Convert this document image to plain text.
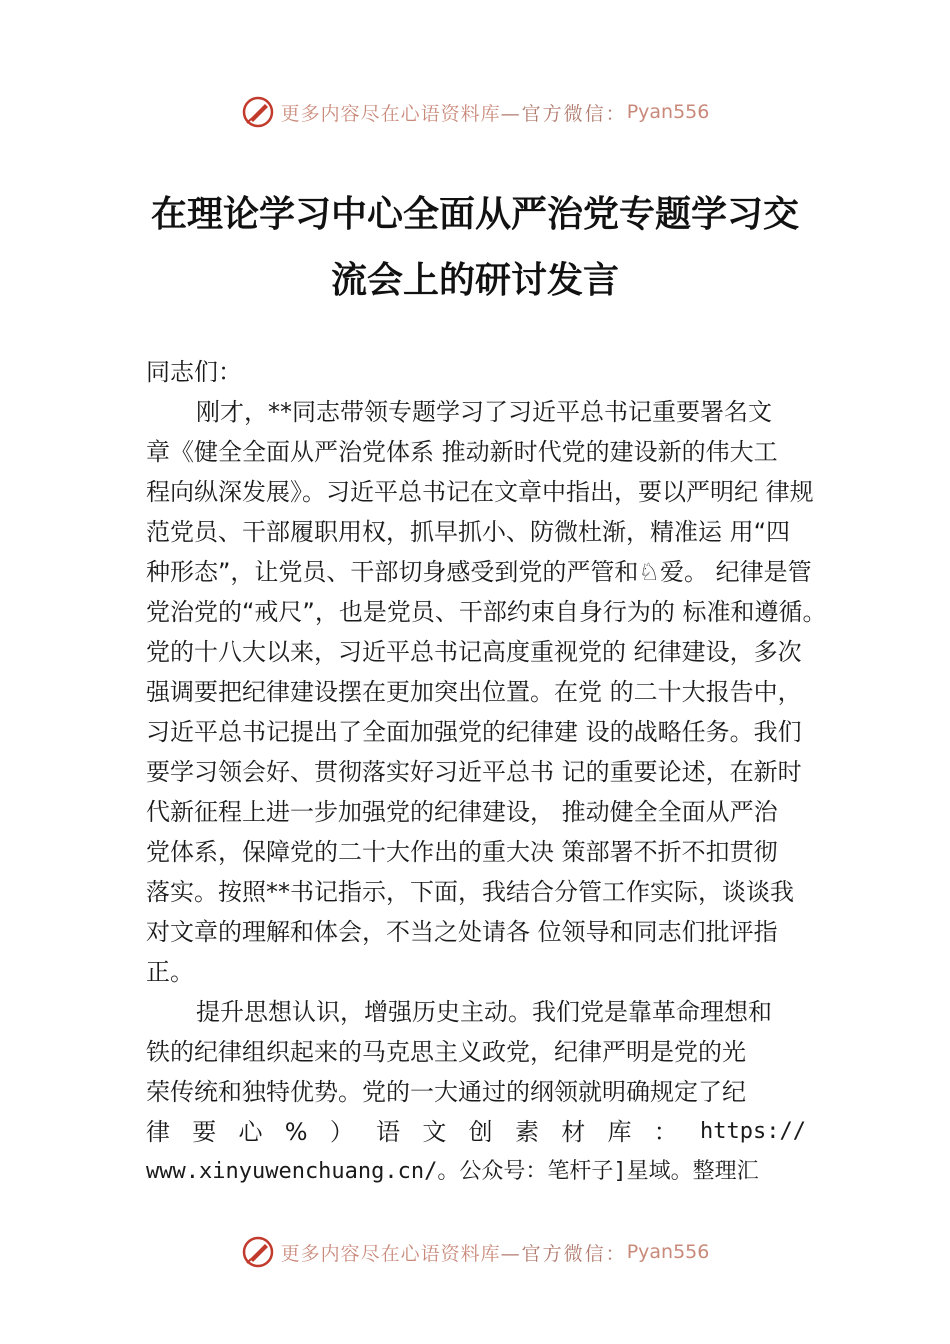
更多内容尽在心语资料库 —官方微信： Pyan556
在理论学习中心全面从严治党专题学习交
流会上的研讨发言
同志们：
刚才，**同志带领专题学习了习近平总书记重要署名文
章《健全全面从严治党体系 推动新时代党的建设新的伟大工
程向纵深发展》。习近平总书记在文章中指出，要以严明纪 律规
范党员、干部履职用权，抓早抓小、防微杜渐，精准运 用“四
种形态”，让党员、干部切身感受到党的严管和♘爱。 纪律是管
党治党的“戒尺”，也是党员、干部约束自身行为的 标准和遵循。
党的十八大以来，习近平总书记高度重视党的 纪律建设，多次
强调要把纪律建设摆在更加突出位置。在党 的二十大报告中，
习近平总书记提出了全面加强党的纪律建 设的战略任务。我们
要学习领会好、贯彻落实好习近平总书 记的重要论述，在新时
代新征程上进一步加强党的纪律建设， 推动健全全面从严治
党体系，保障党的二十大作出的重大决 策部署不折不扣贯彻
落实。按照**书记指示，下面，我结合分管工作实际，谈谈我
对文章的理解和体会，不当之处请各 位领导和同志们批评指
正。
提升思想认识，增强历史主动。我们党是靠革命理想和
铁的纪律组织起来的马克思主义政党，纪律严明是党的光
荣传统和独特优势。党的一大通过的纲领就明确规定了纪
律 要 心 % ） 语 文 创 素 材 库 ： https://
www.xinyuwenchuang.cn/。公众号：笔杆子]星域。整理汇
更多内容尽在心语资料库 —官方微信： Pyan556
